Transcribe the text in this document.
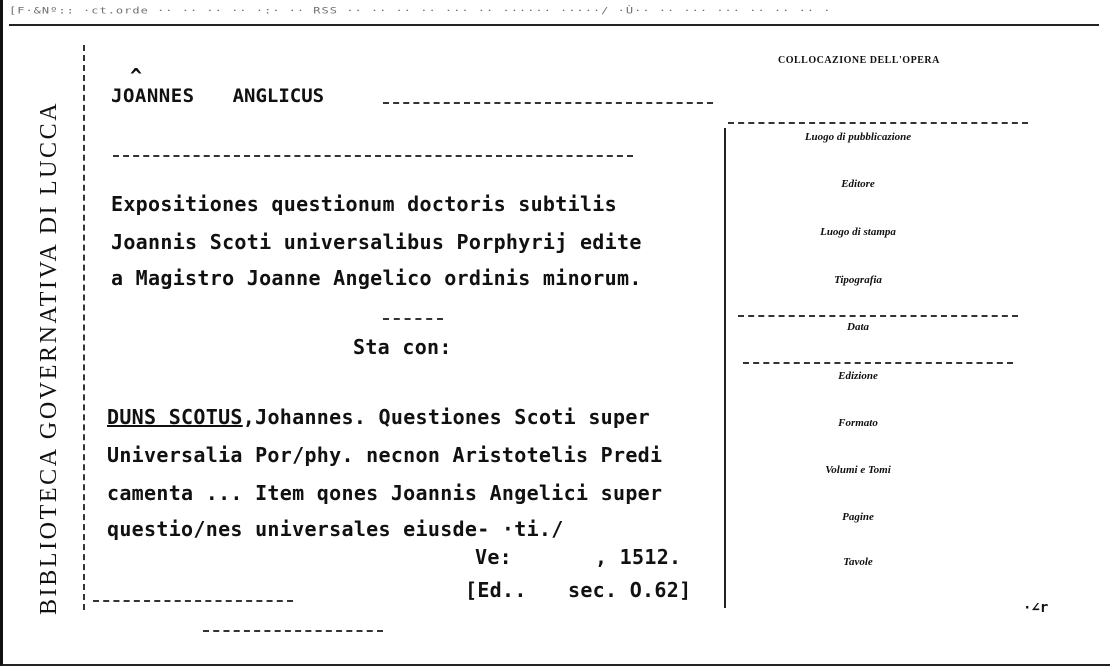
[F·&Nº:: ·ct.orde ·· ·· ·· ·· ·:· ·· RSS ·· ·· ·· ·· ··· ·· ······ ·····/ ·Ù·· ·· ··· ··· ·· ·· ·· ·
BIBLIOTECA GOVERNATIVA DI LUCCA
^
JOANNES ANGLICUS
Expositiones questionum doctoris subtilis
Joannis Scoti universalibus Porphyrij edite
a Magistro Joanne Angelico ordinis minorum.
Sta con:
DUNS SCOTUS,Johannes. Questiones Scoti super
Universalia Por/phy. necnon Aristotelis Predi
camenta ... Item qones Joannis Angelici super
questio/nes universales eiusde- ·ti./
Ve:	, 1512.
[Ed.. sec. O.62]
COLLOCAZIONE DELL'OPERA
Luogo di pubblicazione
Editore
Luogo di stampa
Tipografia
Data
Edizione
Formato
Volumi e Tomi
Pagine
Tavole
·∠r
